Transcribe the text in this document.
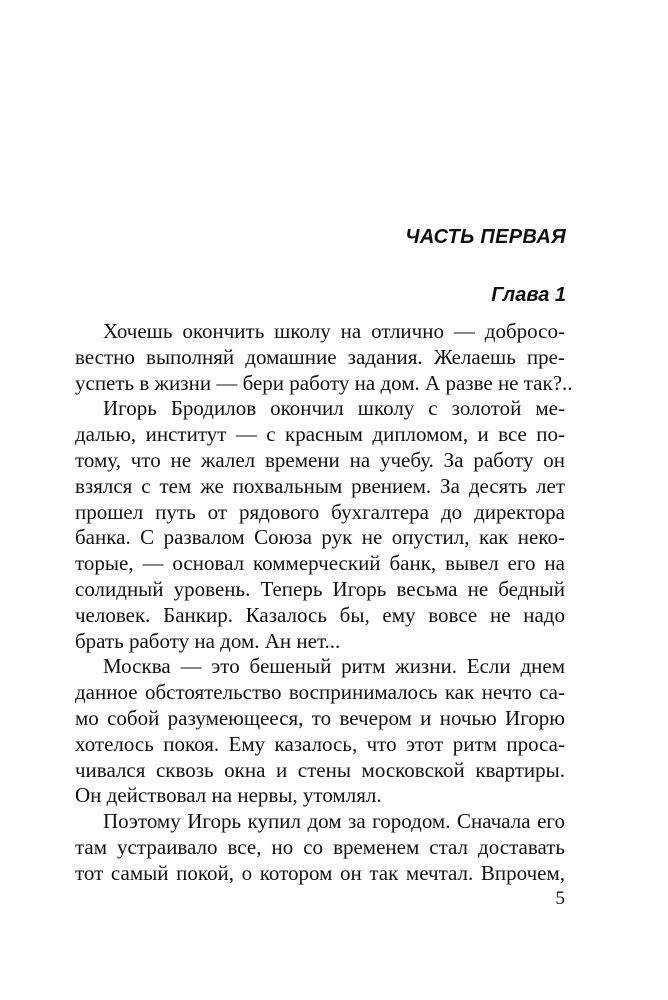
ЧАСТЬ ПЕРВАЯ
Глава 1
Хочешь окончить школу на отлично — добросо-
вестно выполняй домашние задания. Желаешь пре-
успеть в жизни — бери работу на дом. А разве не так?..
Игорь Бродилов окончил школу с золотой ме-
далью, институт — с красным дипломом, и все по-
тому, что не жалел времени на учебу. За работу он
взялся с тем же похвальным рвением. За десять лет
прошел путь от рядового бухгалтера до директора
банка. С развалом Союза рук не опустил, как неко-
торые, — основал коммерческий банк, вывел его на
солидный уровень. Теперь Игорь весьма не бедный
человек. Банкир. Казалось бы, ему вовсе не надо
брать работу на дом. Ан нет...
Москва — это бешеный ритм жизни. Если днем
данное обстоятельство воспринималось как нечто са-
мо собой разумеющееся, то вечером и ночью Игорю
хотелось покоя. Ему казалось, что этот ритм проса-
чивался сквозь окна и стены московской квартиры.
Он действовал на нервы, утомлял.
Поэтому Игорь купил дом за городом. Сначала его
там устраивало все, но со временем стал доставать
тот самый покой, о котором он так мечтал. Впрочем,

5
